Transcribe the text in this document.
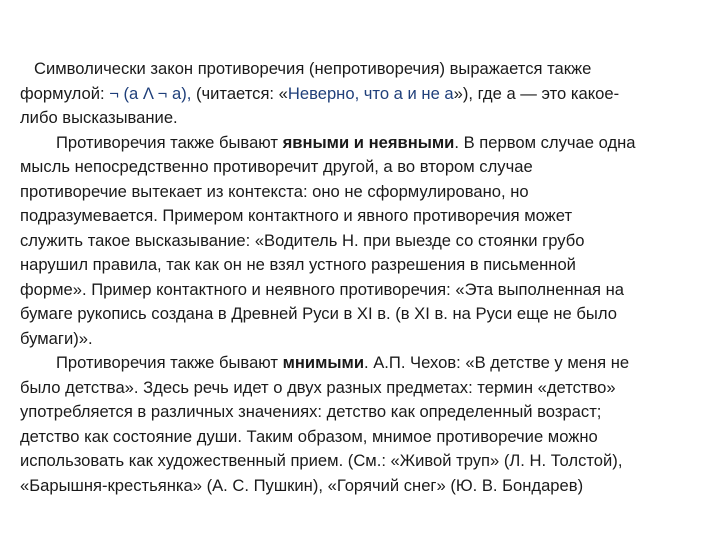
Символически закон противоречия (непротиворечия) выражается также
формулой: ¬ (a Λ ¬ a), (читается: «Неверно, что а и не а»), где а — это какое-
либо высказывание.
Противоречия также бывают явными и неявными. В первом случае одна
мысль непосредственно противоречит другой, а во втором случае
противоречие вытекает из контекста: оно не сформулировано, но
подразумевается. Примером контактного и явного противоречия может
служить такое высказывание: «Водитель Н. при выезде со стоянки грубо
нарушил правила, так как он не взял устного разрешения в письменной
форме». Пример контактного и неявного противоречия: «Эта выполненная на
бумаге рукопись создана в Древней Руси в XI в. (в XI в. на Руси еще не было
бумаги)».
Противоречия также бывают мнимыми. А.П. Чехов: «В детстве у меня не
было детства». Здесь речь идет о двух разных предметах: термин «детство»
употребляется в различных значениях: детство как определенный возраст;
детство как состояние души. Таким образом, мнимое противоречие можно
использовать как художественный прием. (См.: «Живой труп» (Л. Н. Толстой),
«Барышня-крестьянка» (А. С. Пушкин), «Горячий снег» (Ю. В. Бондарев)
